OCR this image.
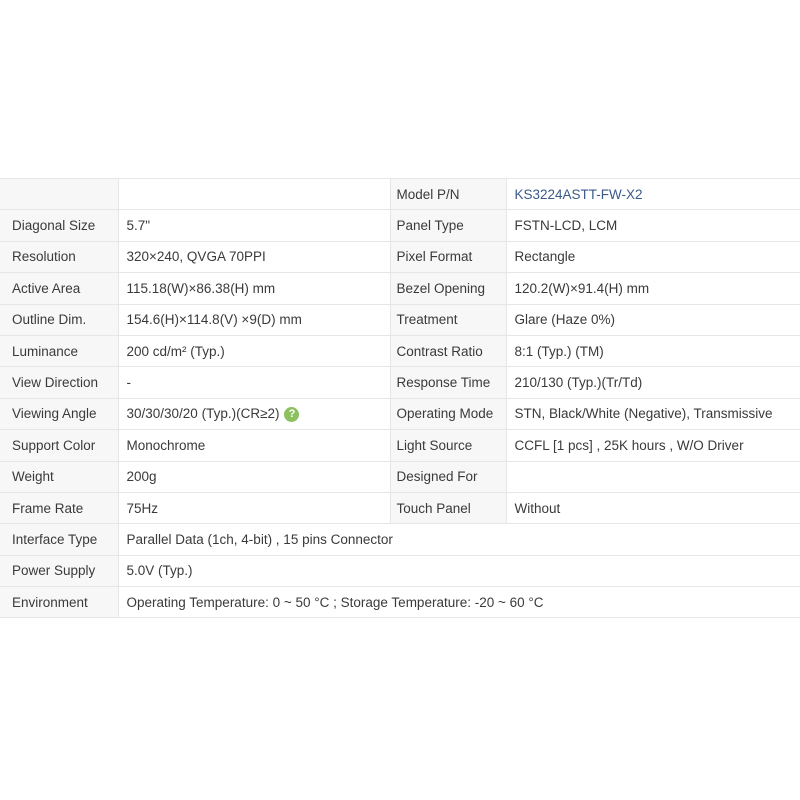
		Model P/N	KS3224ASTT-FW-X2
Diagonal Size	5.7"	Panel Type	FSTN-LCD, LCM
Resolution	320×240, QVGA 70PPI	Pixel Format	Rectangle
Active Area	115.18(W)×86.38(H) mm	Bezel Opening	120.2(W)×91.4(H) mm
Outline Dim.	154.6(H)×114.8(V) ×9(D) mm	Treatment	Glare (Haze 0%)
Luminance	200 cd/m² (Typ.)	Contrast Ratio	8:1 (Typ.) (TM)
View Direction	-	Response Time	210/130 (Typ.)(Tr/Td)
Viewing Angle	30/30/30/20 (Typ.)(CR≥2) ?	Operating Mode	STN, Black/White (Negative), Transmissive
Support Color	Monochrome	Light Source	CCFL [1 pcs] , 25K hours , W/O Driver
Weight	200g	Designed For	
Frame Rate	75Hz	Touch Panel	Without
Interface Type	Parallel Data (1ch, 4-bit) , 15 pins Connector		
Power Supply	5.0V (Typ.)		
Environment	Operating Temperature: 0 ~ 50 °C ; Storage Temperature: -20 ~ 60 °C		
